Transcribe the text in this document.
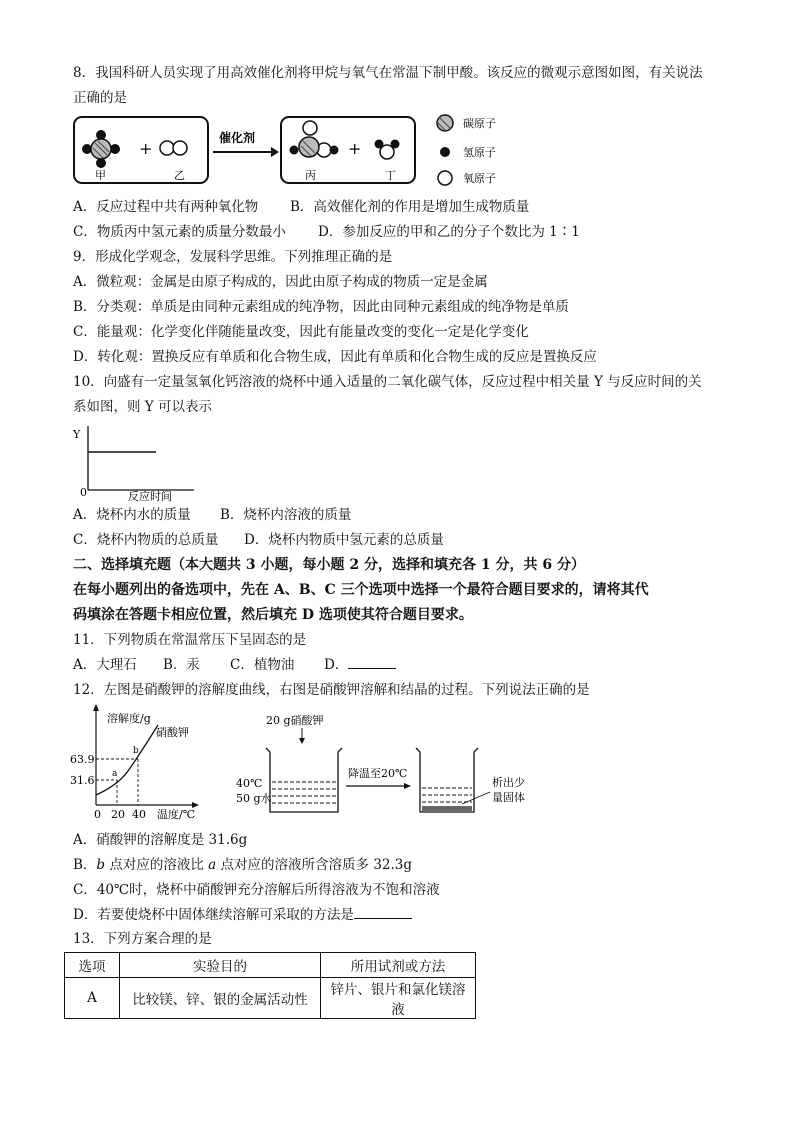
8．我国科研人员实现了用高效催化剂将甲烷与氧气在常温下制甲酸。该反应的微观示意图如图，有关说法
正确的是
+
甲	乙
催化剂
+
丙	丁
碳原子
氢原子
氧原子
A．反应过程中共有两种氧化物 B．高效催化剂的作用是增加生成物质量
C．物质丙中氢元素的质量分数最小 D．参加反应的甲和乙的分子个数比为 1∶1
9．形成化学观念，发展科学思维。下列推理正确的是
A．微粒观：金属是由原子构成的，因此由原子构成的物质一定是金属
B．分类观：单质是由同种元素组成的纯净物，因此由同种元素组成的纯净物是单质
C．能量观：化学变化伴随能量改变，因此有能量改变的变化一定是化学变化
D．转化观：置换反应有单质和化合物生成，因此有单质和化合物生成的反应是置换反应
10．向盛有一定量氢氧化钙溶液的烧杯中通入适量的二氧化碳气体，反应过程中相关量 Y 与反应时间的关
系如图，则 Y 可以表示
Y
0	反应时间
A．烧杯内水的质量 B．烧杯内溶液的质量
C．烧杯内物质的总质量 D．烧杯内物质中氢元素的总质量
二、选择填充题（本大题共 3 小题，每小题 2 分，选择和填充各 1 分，共 6 分）
在每小题列出的备选项中，先在 A、B、C 三个选项中选择一个最符合题目要求的，请将其代
码填涂在答题卡相应位置，然后填充 D 选项使其符合题目要求。
11．下列物质在常温常压下呈固态的是
A．大理石 B．汞 C．植物油 D．
12．左图是硝酸钾的溶解度曲线，右图是硝酸钾溶解和结晶的过程。下列说法正确的是
溶解度/g
硝酸钾
63.9
31.6 a
b
0 20 40 温度/℃
20 g硝酸钾
40℃
50 g水
降温至20℃
析出少
量固体
A．硝酸钾的溶解度是 31.6g
B．b 点对应的溶液比 a 点对应的溶液所含溶质多 32.3g
C．40℃时，烧杯中硝酸钾充分溶解后所得溶液为不饱和溶液
D．若要使烧杯中固体继续溶解可采取的方法是
13．下列方案合理的是
选项	实验目的	所用试剂或方法
A	比较镁、锌、银的金属活动性	锌片、银片和氯化镁溶液
